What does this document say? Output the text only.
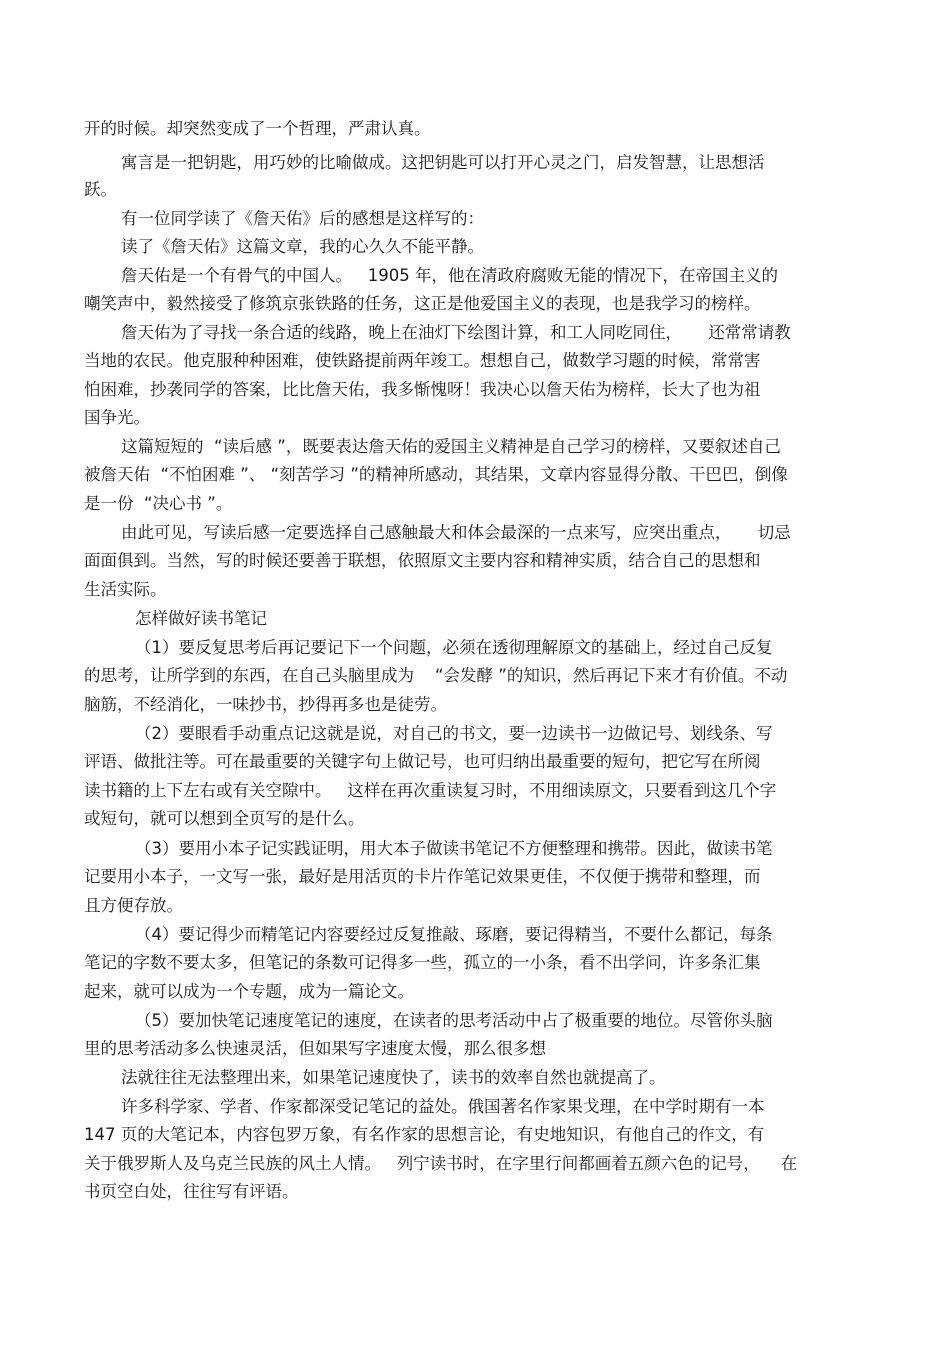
开的时候。却突然变成了一个哲理，严肃认真。
寓言是一把钥匙，用巧妙的比喻做成。这把钥匙可以打开心灵之门，启发智慧，让思想活
跃。
有一位同学读了《詹天佑》后的感想是这样写的：
读了《詹天佑》这篇文章，我的心久久不能平静。
詹天佑是一个有骨气的中国人。   1905 年，他在清政府腐败无能的情况下，在帝国主义的
嘲笑声中，毅然接受了修筑京张铁路的任务，这正是他爱国主义的表现，也是我学习的榜样。
詹天佑为了寻找一条合适的线路，晚上在油灯下绘图计算，和工人同吃同住，     还常常请教
当地的农民。他克服种种困难，使铁路提前两年竣工。想想自己，做数学习题的时候，常常害
怕困难，抄袭同学的答案，比比詹天佑，我多惭愧呀！我决心以詹天佑为榜样，长大了也为祖
国争光。
这篇短短的  “读后感 ”，既要表达詹天佑的爱国主义精神是自己学习的榜样，又要叙述自己
被詹天佑  “不怕困难 ”、 “刻苦学习 ”的精神所感动，其结果，文章内容显得分散、干巴巴，倒像
是一份  “决心书 ”。
由此可见，写读后感一定要选择自己感触最大和体会最深的一点来写，应突出重点，     切忌
面面俱到。当然，写的时候还要善于联想，依照原文主要内容和精神实质，结合自己的思想和
生活实际。
怎样做好读书笔记
（1）要反复思考后再记要记下一个问题，必须在透彻理解原文的基础上，经过自己反复
的思考，让所学到的东西，在自己头脑里成为    “会发酵 ”的知识，然后再记下来才有价值。不动
脑筋，不经消化，一味抄书，抄得再多也是徒劳。
（2）要眼看手动重点记这就是说，对自己的书文，要一边读书一边做记号、划线条、写
评语、做批注等。可在最重要的关键字句上做记号，也可归纳出最重要的短句，把它写在所阅
读书籍的上下左右或有关空隙中。   这样在再次重读复习时，不用细读原文，只要看到这几个字
或短句，就可以想到全页写的是什么。
（3）要用小本子记实践证明，用大本子做读书笔记不方便整理和携带。因此，做读书笔
记要用小本子，一文写一张，最好是用活页的卡片作笔记效果更佳，不仅便于携带和整理，而
且方便存放。
（4）要记得少而精笔记内容要经过反复推敲、琢磨，要记得精当，不要什么都记，每条
笔记的字数不要太多，但笔记的条数可记得多一些，孤立的一小条，看不出学问，许多条汇集
起来，就可以成为一个专题，成为一篇论文。
（5）要加快笔记速度笔记的速度，在读者的思考活动中占了极重要的地位。尽管你头脑
里的思考活动多么快速灵活，但如果写字速度太慢，那么很多想
法就往往无法整理出来，如果笔记速度快了，读书的效率自然也就提高了。
许多科学家、学者、作家都深受记笔记的益处。俄国著名作家果戈理，在中学时期有一本
147 页的大笔记本，内容包罗万象，有名作家的思想言论，有史地知识，有他自己的作文，有
关于俄罗斯人及乌克兰民族的风土人情。   列宁读书时，在字里行间都画着五颜六色的记号，    在
书页空白处，往往写有评语。
